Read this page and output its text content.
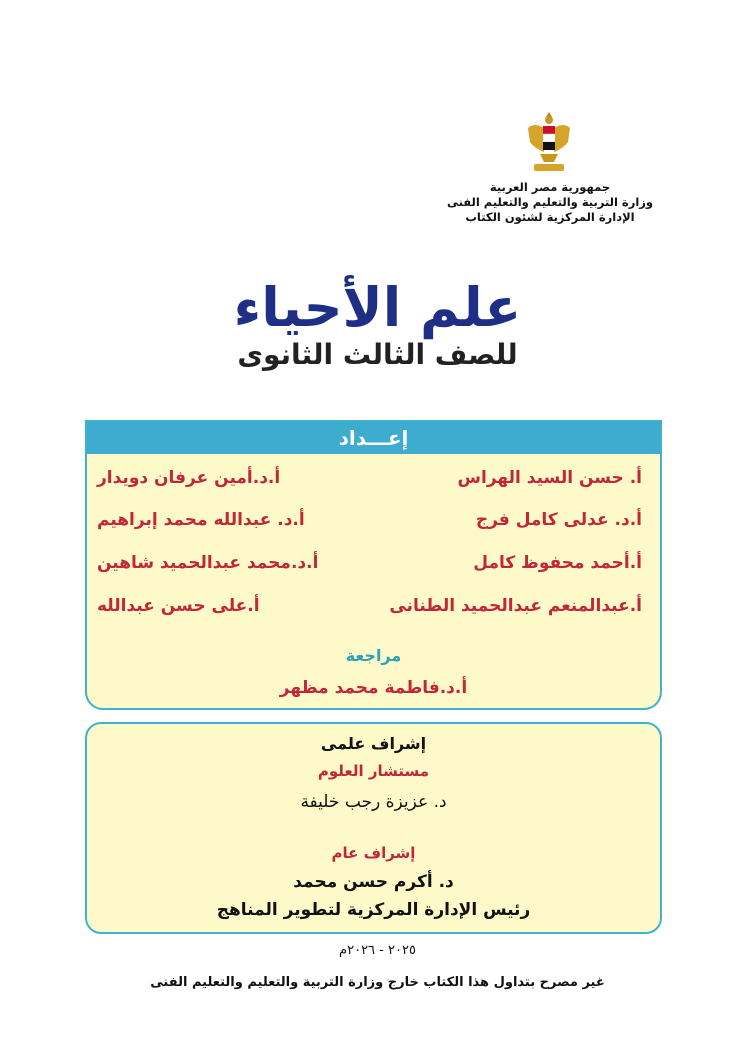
جمهورية مصر العربية
وزارة التربية والتعليم والتعليم الفنى
الإدارة المركزية لشئون الكتاب
علم الأحياء
للصف الثالث الثانوى
إعـــداد
أ. حسن السيد الهراس
أ.د.أمين عرفان دويدار
أ.د. عدلى كامل فرج
أ.د. عبدالله محمد إبراهيم
أ.أحمد محفوظ كامل
أ.د.محمد عبدالحميد شاهين
أ.عبدالمنعم عبدالحميد الطنانى
أ.على حسن عبدالله
مراجعة
أ.د.فاطمة محمد مظهر
إشراف علمى
مستشار العلوم
د. عزيزة رجب خليفة
إشراف عام
د. أكرم حسن محمد
رئيس الإدارة المركزية لتطوير المناهج
٢٠٢٥ - ٢٠٢٦م
غير مصرح بتداول هذا الكتاب خارج وزارة التربية والتعليم والتعليم الفنى
